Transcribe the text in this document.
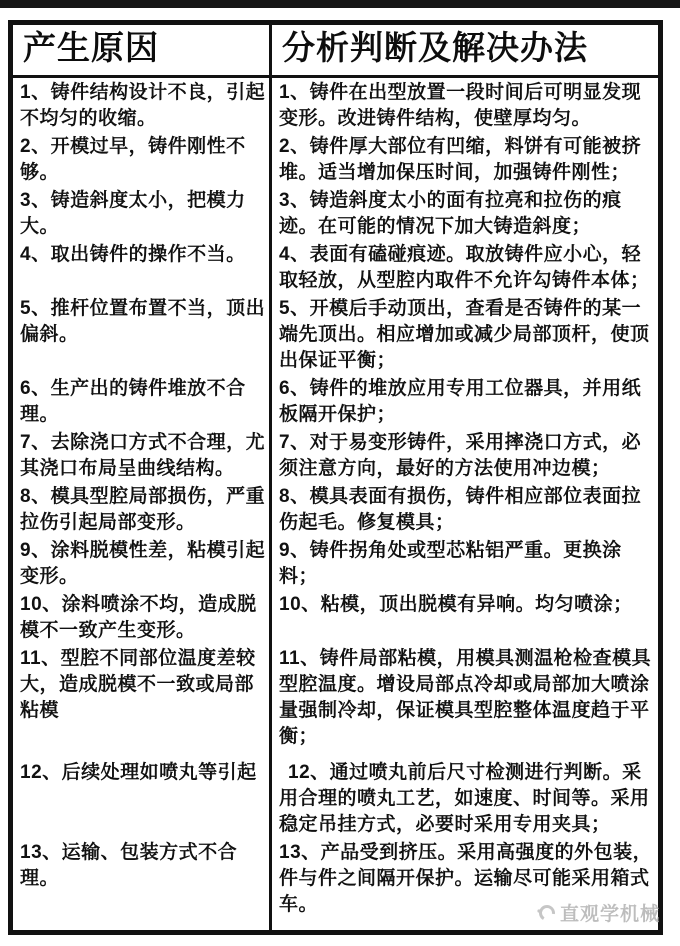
产生原因	分析判断及解决办法
1、铸件结构设计不良，引起不均匀的收缩。	1、铸件在出型放置一段时间后可明显发现变形。改进铸件结构，使壁厚均匀。
2、开模过早，铸件刚性不够。	2、铸件厚大部位有凹缩，料饼有可能被挤堆。适当增加保压时间，加强铸件刚性；
3、铸造斜度太小，把模力大。	3、铸造斜度太小的面有拉亮和拉伤的痕迹。在可能的情况下加大铸造斜度；
4、取出铸件的操作不当。	4、表面有磕碰痕迹。取放铸件应小心，轻取轻放，从型腔内取件不允许勾铸件本体；
5、推杆位置布置不当，顶出偏斜。	5、开模后手动顶出，查看是否铸件的某一端先顶出。相应增加或减少局部顶杆，使顶出保证平衡；
6、生产出的铸件堆放不合理。	6、铸件的堆放应用专用工位器具，并用纸板隔开保护；
7、去除浇口方式不合理，尤其浇口布局呈曲线结构。	7、对于易变形铸件，采用摔浇口方式，必须注意方向，最好的方法使用冲边模；
8、模具型腔局部损伤，严重拉伤引起局部变形。	8、模具表面有损伤，铸件相应部位表面拉伤起毛。修复模具；
9、涂料脱模性差，粘模引起变形。	9、铸件拐角处或型芯粘铝严重。更换涂料；
10、涂料喷涂不均，造成脱模不一致产生变形。	10、粘模，顶出脱模有异响。均匀喷涂；
11、型腔不同部位温度差较大，造成脱模不一致或局部粘模	11、铸件局部粘模，用模具测温枪检查模具型腔温度。增设局部点冷却或局部加大喷涂量强制冷却，保证模具型腔整体温度趋于平衡；
12、后续处理如喷丸等引起	12、通过喷丸前后尺寸检测进行判断。采用合理的喷丸工艺，如速度、时间等。采用稳定吊挂方式，必要时采用专用夹具；
13、运输、包装方式不合理。	13、产品受到挤压。采用高强度的外包装，件与件之间隔开保护。运输尽可能采用箱式车。	直观学机械
